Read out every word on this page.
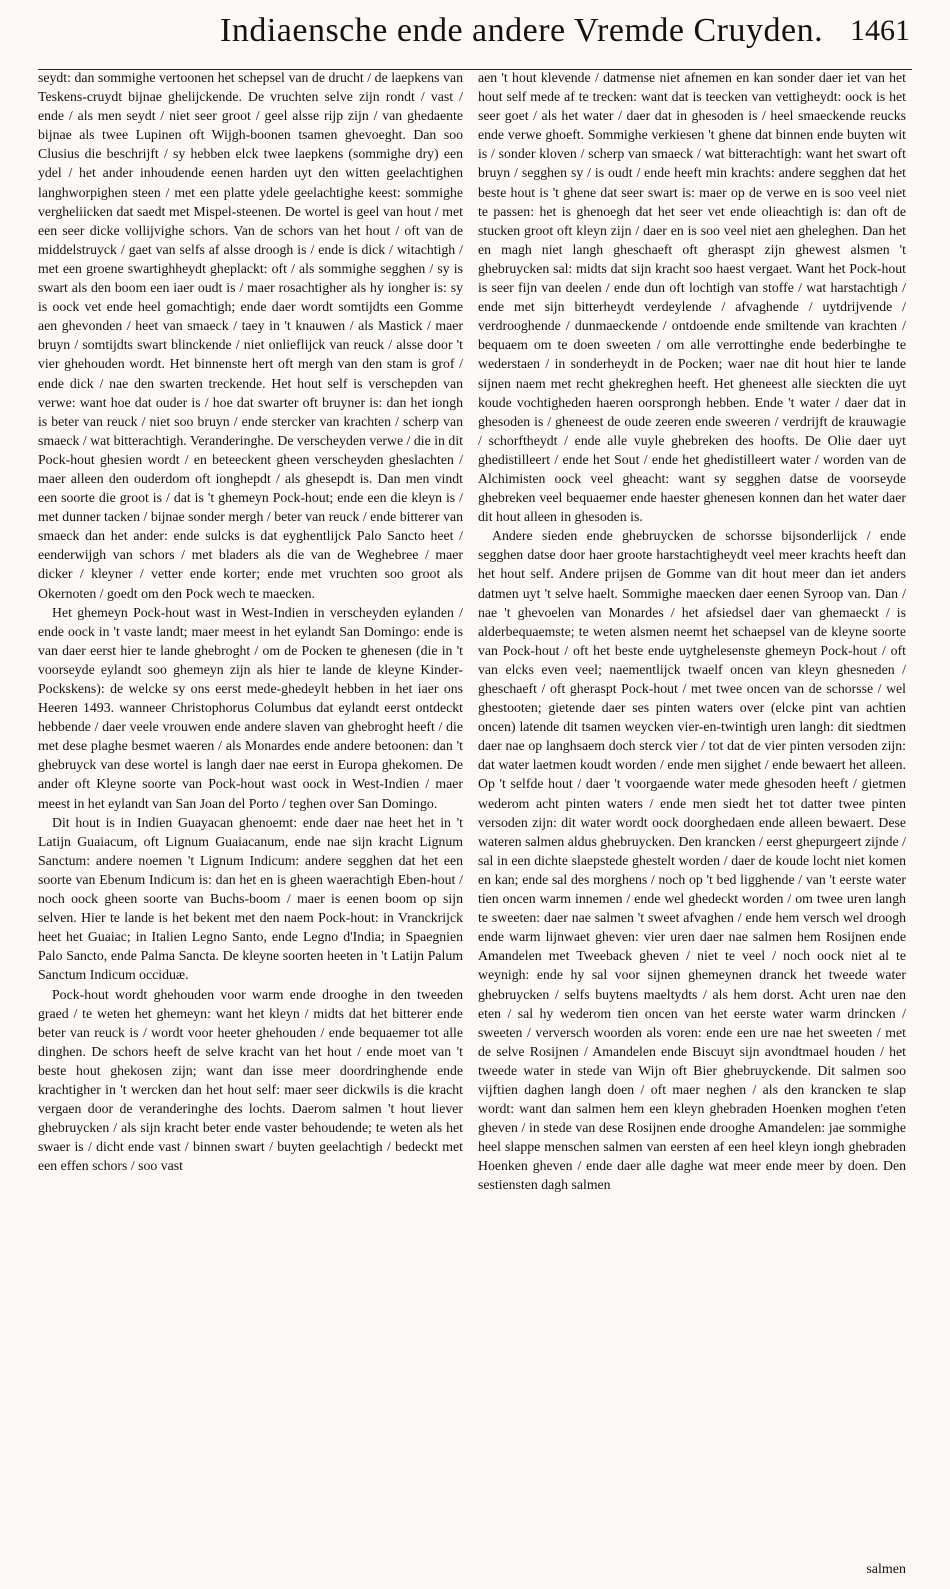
Indiaensche ende andere Vremde Cruyden. 1461

seydt: dan sommighe vertoonen het schepsel van de drucht / de laepkens van Teskens-cruydt bijnae ghelijckende. De vruchten selve zijn rondt / vast / ende / als men seydt / niet seer groot / geel alsse rijp zijn / van ghedaente bijnae als twee Lupinen oft Wijgh-boonen tsamen ghevoeght. Dan soo Clusius die beschrijft / sy hebben elck twee laepkens (sommighe dry) een ydel / het ander inhoudende eenen harden uyt den witten geelachtighen langhworpighen steen / met een platte ydele geelachtighe keest: sommighe vergheliicken dat saedt met Mispel-steenen. De wortel is geel van hout / met een seer dicke vollijvighe schors. Van de schors van het hout / oft van de middelstruyck / gaet van selfs af alsse droogh is / ende is dick / witachtigh / met een groene swartighheydt gheplackt: oft / als sommighe segghen / sy is swart als den boom een iaer oudt is / maer rosachtigher als hy iongher is: sy is oock vet ende heel gomachtigh; ende daer wordt somtijdts een Gomme aen ghevonden / heet van smaeck / taey in 't knauwen / als Mastick / maer bruyn / somtijdts swart blinckende / niet onlieflijck van reuck / alsse door 't vier ghehouden wordt. Het binnenste hert oft mergh van den stam is grof / ende dick / nae den swarten treckende. Het hout self is verschepden van verwe: want hoe dat ouder is / hoe dat swarter oft bruyner is: dan het iongh is beter van reuck / niet soo bruyn / ende stercker van krachten / scherp van smaeck / wat bitterachtigh. Veranderinghe. De verscheyden verwe / die in dit Pock-hout ghesien wordt / en beteeckent gheen verscheyden gheslachten / maer alleen den ouderdom oft ionghepdt / als ghesepdt is. Dan men vindt een soorte die groot is / dat is 't ghemeyn Pock-hout; ende een die kleyn is / met dunner tacken / bijnae sonder mergh / beter van reuck / ende bitterer van smaeck dan het ander: ende sulcks is dat eyghentlijck Palo Sancto heet / eenderwijgh van schors / met bladers als die van de Weghebree / maer dicker / kleyner / vetter ende korter; ende met vruchten soo groot als Okernoten / goedt om den Pock wech te maecken.

Het ghemeyn Pock-hout wast in West-Indien in verscheyden eylanden / ende oock in 't vaste landt; maer meest in het eylandt San Domingo: ende is van daer eerst hier te lande ghebroght / om de Pocken te ghenesen (die in 't voorseyde eylandt soo ghemeyn zijn als hier te lande de kleyne Kinder-Pockskens): de welcke sy ons eerst mede-ghedeylt hebben in het iaer ons Heeren 1493. wanneer Christophorus Columbus dat eylandt eerst ontdeckt hebbende / daer veele vrouwen ende andere slaven van ghebroght heeft / die met dese plaghe besmet waeren / als Monardes ende andere betoonen: dan 't ghebruyck van dese wortel is langh daer nae eerst in Europa ghekomen. De ander oft Kleyne soorte van Pock-hout wast oock in West-Indien / maer meest in het eylandt van San Joan del Porto / teghen over San Domingo.

Dit hout is in Indien Guayacan ghenoemt: ende daer nae heet het in 't Latijn Guaiacum, oft Lignum Guaiacanum, ende nae sijn kracht Lignum Sanctum: andere noemen 't Lignum Indicum: andere segghen dat het een soorte van Ebenum Indicum is: dan het en is gheen waerachtigh Eben-hout / noch oock gheen soorte van Buchs-boom / maer is eenen boom op sijn selven. Hier te lande is het bekent met den naem Pock-hout: in Vranckrijck heet het Guaiac; in Italien Legno Santo, ende Legno d'India; in Spaegnien Palo Sancto, ende Palma Sancta. De kleyne soorten heeten in 't Latijn Palum Sanctum Indicum occiduæ.

Pock-hout wordt ghehouden voor warm ende drooghe in den tweeden graed / te weten het ghemeyn: want het kleyn / midts dat het bitterer ende beter van reuck is / wordt voor heeter ghehouden / ende bequaemer tot alle dinghen. De schors heeft de selve kracht van het hout / ende moet van 't beste hout ghekosen zijn; want dan isse meer doordringhende ende krachtigher in 't wercken dan het hout self: maer seer dickwils is die kracht vergaen door de veranderinghe des lochts. Daerom salmen 't hout liever ghebruycken / als sijn kracht beter ende vaster behoudende; te weten als het swaer is / dicht ende vast / binnen swart / buyten geelachtigh / bedeckt met een effen schors / soo vast

aen 't hout klevende / datmense niet afnemen en kan sonder daer iet van het hout self mede af te trecken: want dat is teecken van vettigheydt: oock is het seer goet / als het water / daer dat in ghesoden is / heel smaeckende reucks ende verwe ghoeft. Sommighe verkiesen 't ghene dat binnen ende buyten wit is / sonder kloven / scherp van smaeck / wat bitterachtigh: want het swart oft bruyn / segghen sy / is oudt / ende heeft min krachts: andere segghen dat het beste hout is 't ghene dat seer swart is: maer op de verwe en is soo veel niet te passen: het is ghenoegh dat het seer vet ende olieachtigh is: dan oft de stucken groot oft kleyn zijn / daer en is soo veel niet aen gheleghen. Dan het en magh niet langh gheschaeft oft gheraspt zijn ghewest alsmen 't ghebruycken sal: midts dat sijn kracht soo haest vergaet. Want het Pock-hout is seer fijn van deelen / ende dun oft lochtigh van stoffe / wat harstachtigh / ende met sijn bitterheydt verdeylende / afvaghende / uytdrijvende / verdrooghende / dunmaeckende / ontdoende ende smiltende van krachten / bequaem om te doen sweeten / om alle verrottinghe ende bederbinghe te wederstaen / in sonderheydt in de Pocken; waer nae dit hout hier te lande sijnen naem met recht ghekreghen heeft. Het gheneest alle sieckten die uyt koude vochtigheden haeren oorsprongh hebben. Ende 't water / daer dat in ghesoden is / gheneest de oude zeeren ende sweeren / verdrijft de krauwagie / schorftheydt / ende alle vuyle ghebreken des hoofts. De Olie daer uyt ghedistilleert / ende het Sout / ende het ghedistilleert water / worden van de Alchimisten oock veel gheacht: want sy segghen datse de voorseyde ghebreken veel bequaemer ende haester ghenesen konnen dan het water daer dit hout alleen in ghesoden is.

Andere sieden ende ghebruycken de schorsse bijsonderlijck / ende segghen datse door haer groote harstachtigheydt veel meer krachts heeft dan het hout self. Andere prijsen de Gomme van dit hout meer dan iet anders datmen uyt 't selve haelt. Sommighe maecken daer eenen Syroop van. Dan / nae 't ghevoelen van Monardes / het afsiedsel daer van ghemaeckt / is alderbequaemste; te weten alsmen neemt het schaepsel van de kleyne soorte van Pock-hout / oft het beste ende uytghelesenste ghemeyn Pock-hout / oft van elcks even veel; naementlijck twaelf oncen van kleyn ghesneden / gheschaeft / oft gheraspt Pock-hout / met twee oncen van de schorsse / wel ghestooten; gietende daer ses pinten waters over (elcke pint van achtien oncen) latende dit tsamen weycken vier-en-twintigh uren langh: dit siedtmen daer nae op langhsaem doch sterck vier / tot dat de vier pinten versoden zijn: dat water laetmen koudt worden / ende men sijghet / ende bewaert het alleen. Op 't selfde hout / daer 't voorgaende water mede ghesoden heeft / gietmen wederom acht pinten waters / ende men siedt het tot datter twee pinten versoden zijn: dit water wordt oock doorghedaen ende alleen bewaert. Dese wateren salmen aldus ghebruycken. Den krancken / eerst ghepurgeert zijnde / sal in een dichte slaepstede ghestelt worden / daer de koude locht niet komen en kan; ende sal des morghens / noch op 't bed ligghende / van 't eerste water tien oncen warm innemen / ende wel ghedeckt worden / om twee uren langh te sweeten: daer nae salmen 't sweet afvaghen / ende hem versch wel droogh ende warm lijnwaet gheven: vier uren daer nae salmen hem Rosijnen ende Amandelen met Tweeback gheven / niet te veel / noch oock niet al te weynigh: ende hy sal voor sijnen ghemeynen dranck het tweede water ghebruycken / selfs buytens maeltydts / als hem dorst. Acht uren nae den eten / sal hy wederom tien oncen van het eerste water warm drincken / sweeten / verversch woorden als voren: ende een ure nae het sweeten / met de selve Rosijnen / Amandelen ende Biscuyt sijn avondtmael houden / het tweede water in stede van Wijn oft Bier ghebruyckende. Dit salmen soo vijftien daghen langh doen / oft maer neghen / als den krancken te slap wordt: want dan salmen hem een kleyn ghebraden Hoenken moghen t'eten gheven / in stede van dese Rosijnen ende drooghe Amandelen: jae sommighe heel slappe menschen salmen van eersten af een heel kleyn iongh ghebraden Hoenken gheven / ende daer alle daghe wat meer ende meer by doen. Den sestiensten dagh salmen

salmen
